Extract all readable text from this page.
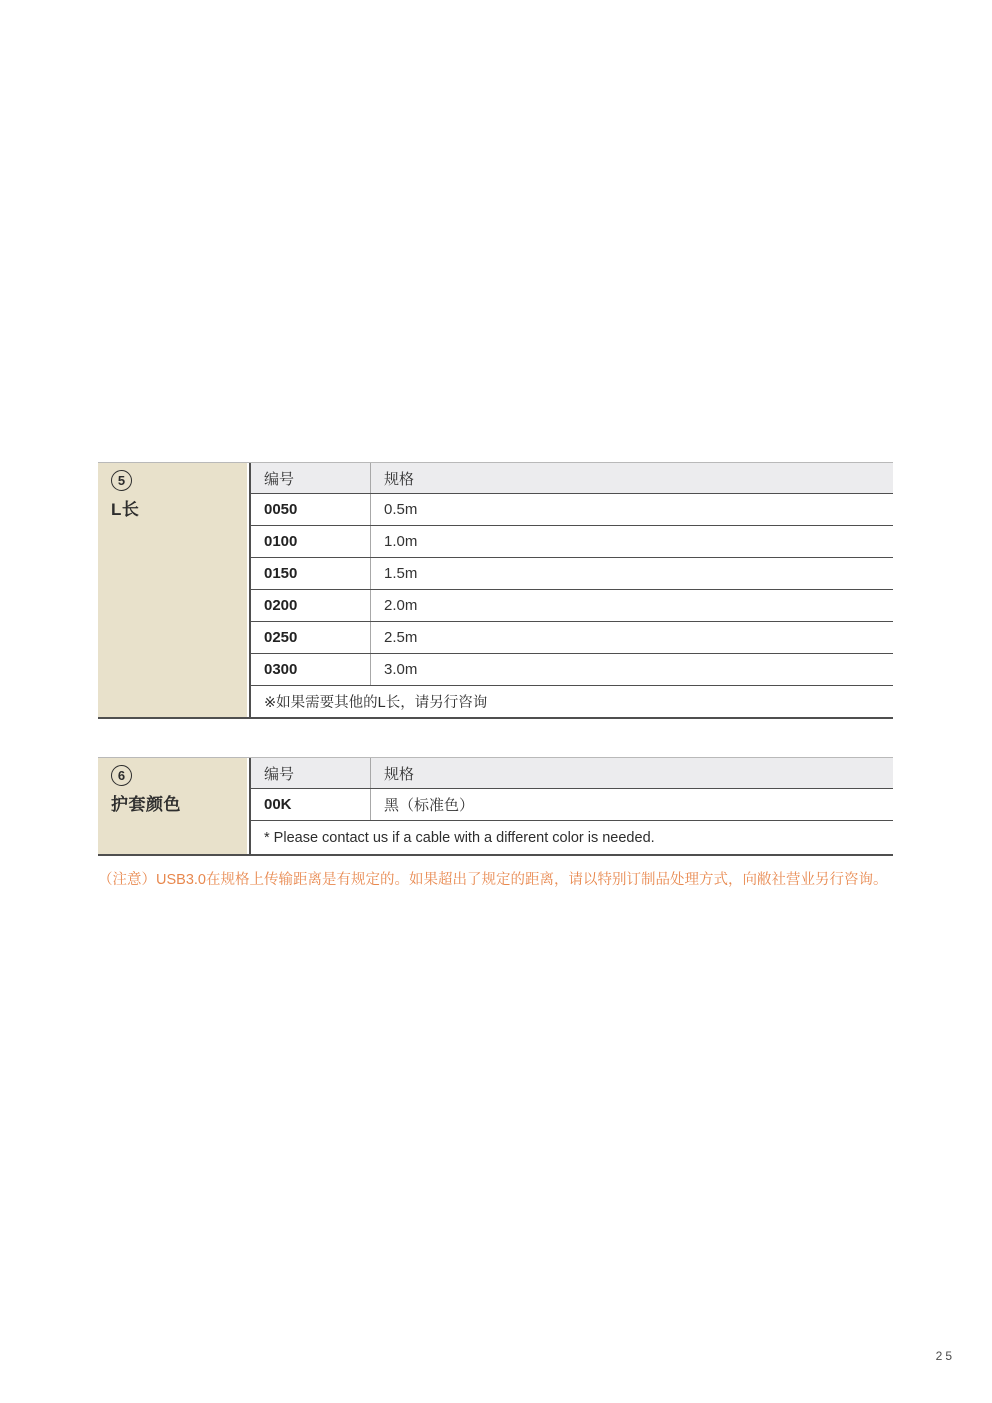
5
L长
编号	规格
0050	0.5m
0100	1.0m
0150	1.5m
0200	2.0m
0250	2.5m
0300	3.0m
※如果需要其他的L长，请另行咨询
6
护套颜色
编号	规格
00K	黑（标准色）
* Please contact us if a cable with a different color is needed.

（注意）USB3.0在规格上传输距离是有规定的。如果超出了规定的距离，请以特别订制品处理方式，向敝社营业另行咨询。

25
